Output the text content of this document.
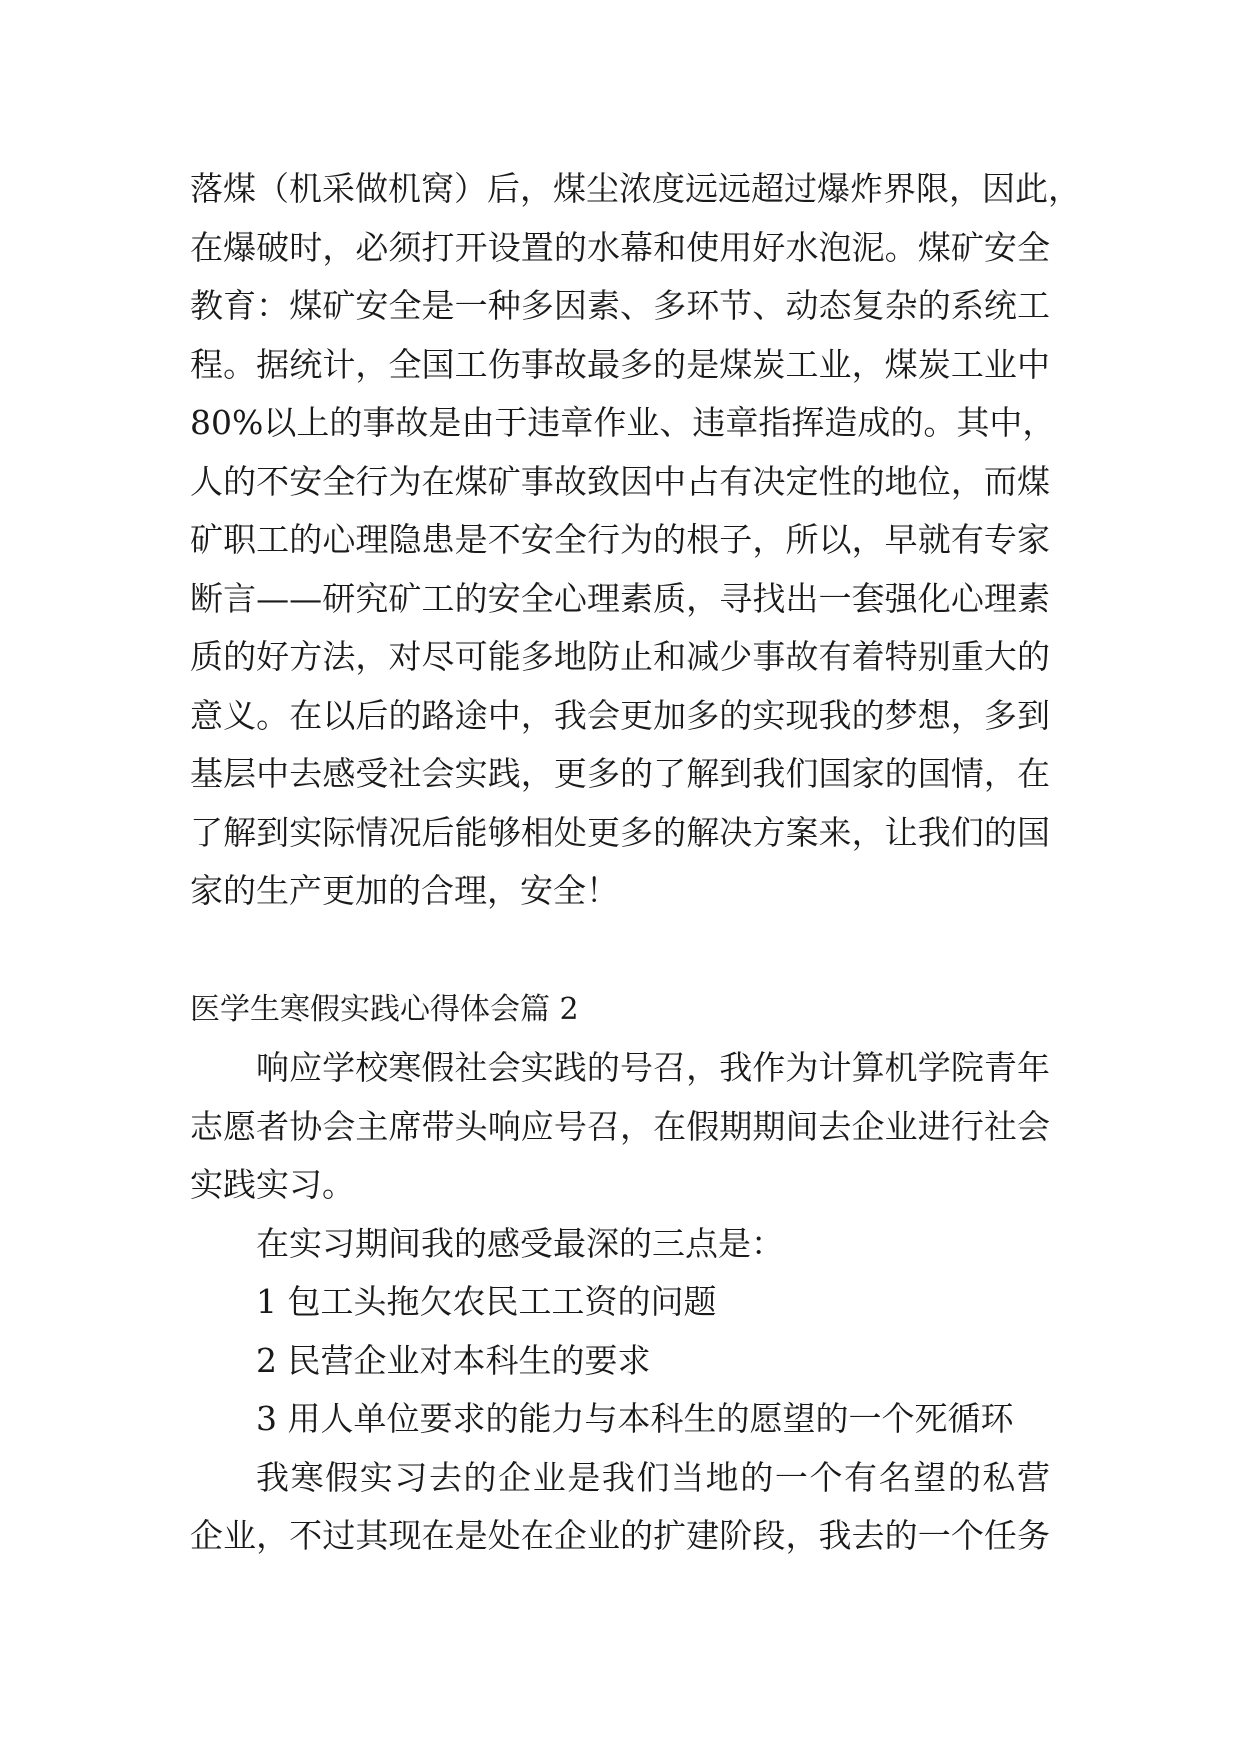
落煤（机采做机窝）后，煤尘浓度远远超过爆炸界限，因此，
在爆破时，必须打开设置的水幕和使用好水泡泥。煤矿安全
教育：煤矿安全是一种多因素、多环节、动态复杂的系统工
程。据统计，全国工伤事故最多的是煤炭工业，煤炭工业中
80%以上的事故是由于违章作业、违章指挥造成的。其中，
人的不安全行为在煤矿事故致因中占有决定性的地位，而煤
矿职工的心理隐患是不安全行为的根子，所以，早就有专家
断言——研究矿工的安全心理素质，寻找出一套强化心理素
质的好方法，对尽可能多地防止和减少事故有着特别重大的
意义。在以后的路途中，我会更加多的实现我的梦想，多到
基层中去感受社会实践，更多的了解到我们国家的国情，在
了解到实际情况后能够相处更多的解决方案来，让我们的国
家的生产更加的合理，安全！
医学生寒假实践心得体会篇 2
响应学校寒假社会实践的号召，我作为计算机学院青年
志愿者协会主席带头响应号召，在假期期间去企业进行社会
实践实习。
在实习期间我的感受最深的三点是：
1 包工头拖欠农民工工资的问题
2 民营企业对本科生的要求
3 用人单位要求的能力与本科生的愿望的一个死循环
我寒假实习去的企业是我们当地的一个有名望的私营
企业，不过其现在是处在企业的扩建阶段，我去的一个任务
